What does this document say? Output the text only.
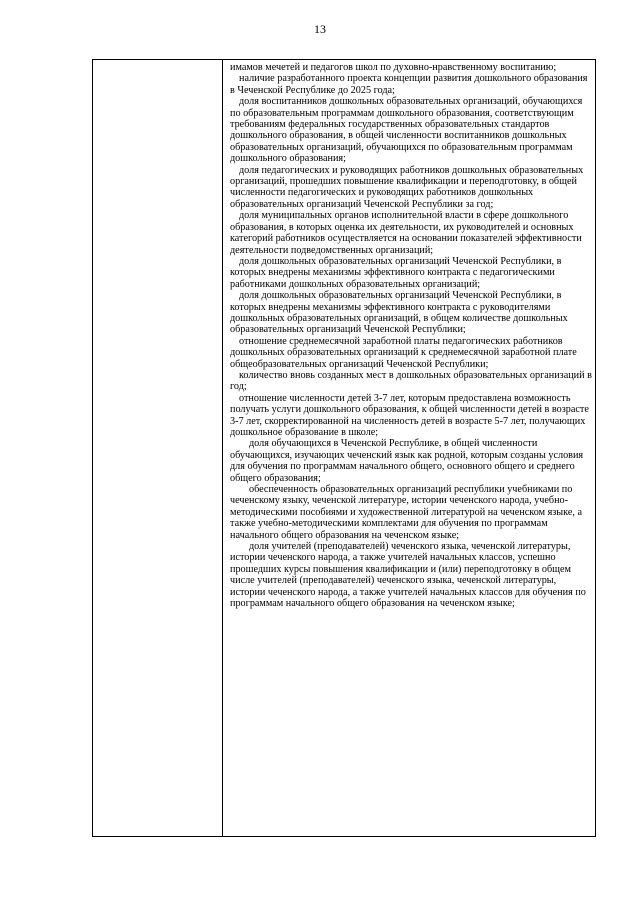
13

имамов мечетей и педагогов школ по духовно-нравственному воспитанию;

наличие разработанного проекта концепции развития дошкольного образования в Чеченской Республике до 2025 года;

доля воспитанников дошкольных образовательных организаций, обучающихся по образовательным программам дошкольного образования, соответствующим требованиям федеральных государственных образовательных стандартов дошкольного образования, в общей численности воспитанников дошкольных образовательных организаций, обучающихся по образовательным программам дошкольного образования;

доля педагогических и руководящих работников дошкольных образовательных организаций, прошедших повышение квалификации и переподготовку, в общей численности педагогических и руководящих работников дошкольных образовательных организаций Чеченской Республики за год;

доля муниципальных органов исполнительной власти в сфере дошкольного образования, в которых оценка их деятельности, их руководителей и основных категорий работников осуществляется на основании показателей эффективности деятельности подведомственных организаций;

доля дошкольных образовательных организаций Чеченской Республики, в которых внедрены механизмы эффективного контракта с педагогическими работниками дошкольных образовательных организаций;

доля дошкольных образовательных организаций Чеченской Республики, в которых внедрены механизмы эффективного контракта с руководителями дошкольных образовательных организаций, в общем количестве дошкольных образовательных организаций Чеченской Республики;

отношение среднемесячной заработной платы педагогических работников дошкольных образовательных организаций к среднемесячной заработной плате общеобразовательных организаций Чеченской Республики;

количество вновь созданных мест в дошкольных образовательных организаций в год;

отношение численности детей 3-7 лет, которым предоставлена возможность получать услуги дошкольного образования, к общей численности детей в возрасте 3-7 лет, скорректированной на численность детей в возрасте 5-7 лет, получающих дошкольное образование в школе;

доля обучающихся в Чеченской Республике, в общей численности обучающихся, изучающих чеченский язык как родной, которым созданы условия для обучения по программам начального общего, основного общего и среднего общего образования;

обеспеченность образовательных организаций республики учебниками по чеченскому языку, чеченской литературе, истории чеченского народа, учебно-методическими пособиями и художественной литературой на чеченском языке, а также учебно-методическими комплектами для обучения по программам начального общего образования на чеченском языке;

доля учителей (преподавателей) чеченского языка, чеченской литературы, истории чеченского народа, а также учителей начальных классов, успешно прошедших курсы повышения квалификации и (или) переподготовку в общем числе учителей (преподавателей) чеченского языка, чеченской литературы, истории чеченского народа, а также учителей начальных классов для обучения по программам начального общего образования на чеченском языке;
